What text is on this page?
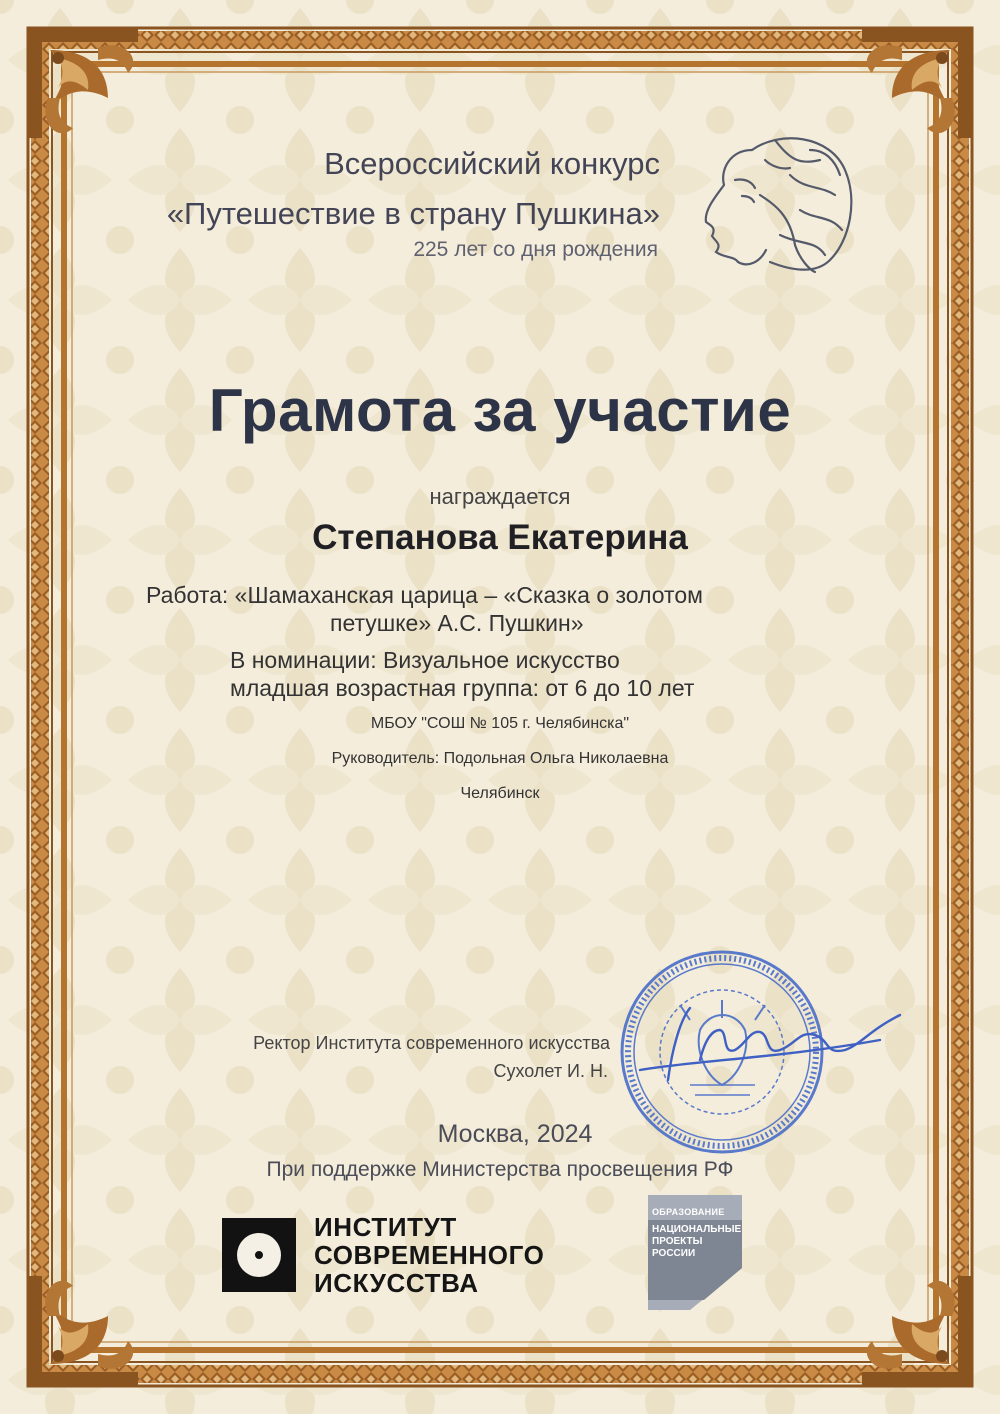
Всероссийский конкурс
«Путешествие в страну Пушкина»
225 лет со дня рождения
Грамота за участие
награждается
Степанова Екатерина
Работа: «Шамаханская царица – «Сказка о золотом
петушке» А.С. Пушкин»
В номинации: Визуальное искусство
младшая возрастная группа: от 6 до 10 лет
МБОУ "СОШ № 105 г. Челябинска"
Руководитель: Подольная Ольга Николаевна
Челябинск
Ректор Института современного искусства
Сухолет И. Н.
Москва, 2024
При поддержке Министерства просвещения РФ
ИНСТИТУТ
СОВРЕМЕННОГО
ИСКУССТВА
ОБРАЗОВАНИЕ
НАЦИОНАЛЬНЫЕ
ПРОЕКТЫ
РОССИИ
